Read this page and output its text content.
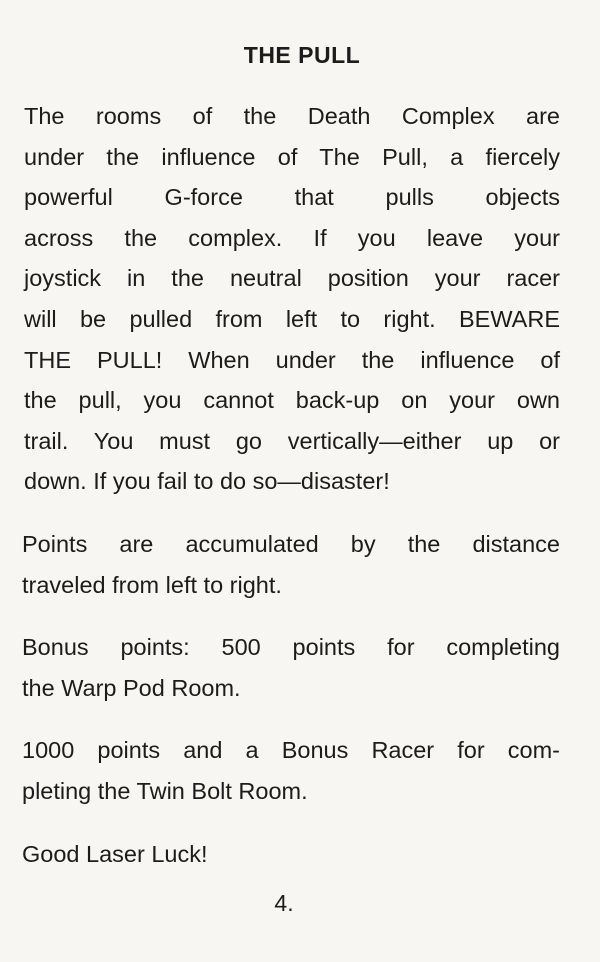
THE PULL
The rooms of the Death Complex are
under the influence of The Pull, a fiercely
powerful G-force that pulls objects
across the complex. If you leave your
joystick in the neutral position your racer
will be pulled from left to right. BEWARE
THE PULL! When under the influence of
the pull, you cannot back-up on your own
trail. You must go vertically—either up or
down. If you fail to do so—disaster!
Points are accumulated by the distance
traveled from left to right.
Bonus points: 500 points for completing
the Warp Pod Room.
1000 points and a Bonus Racer for com-
pleting the Twin Bolt Room.
Good Laser Luck!
4.
